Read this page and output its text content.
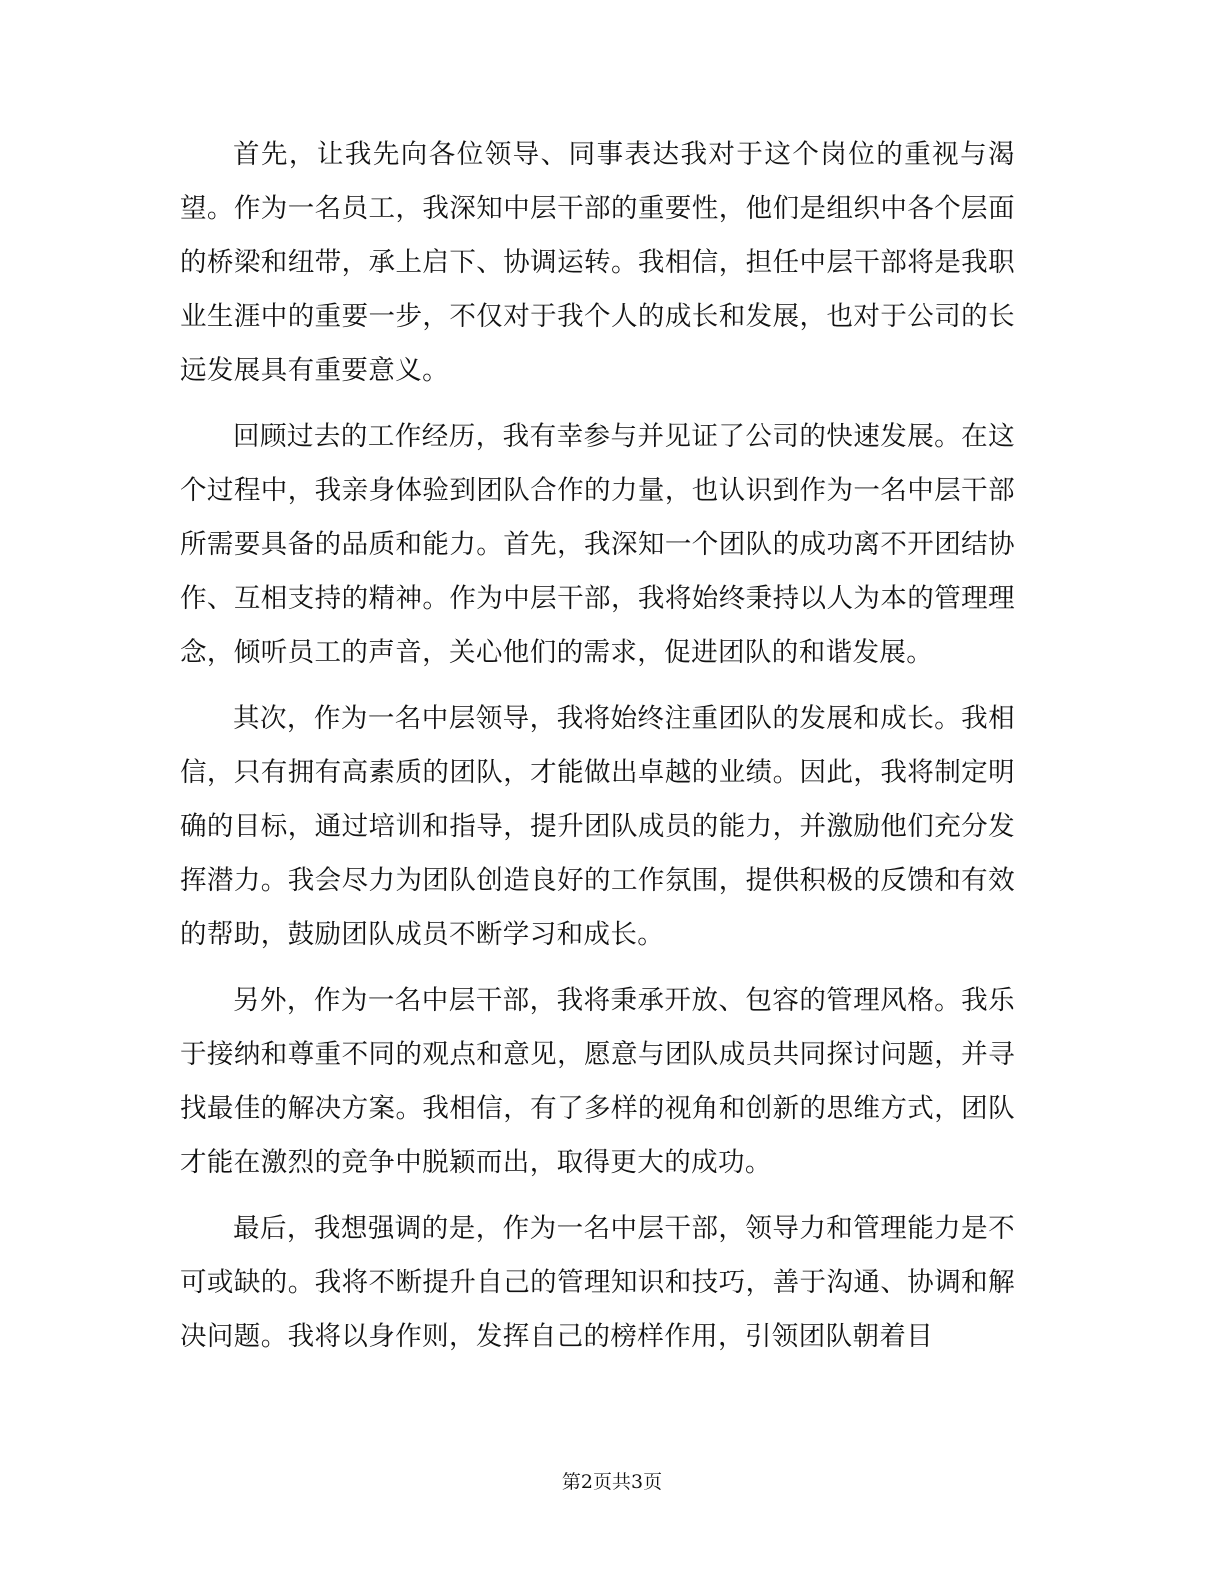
首先，让我先向各位领导、同事表达我对于这个岗位的重视与渴望。作为一名员工，我深知中层干部的重要性，他们是组织中各个层面的桥梁和纽带，承上启下、协调运转。我相信，担任中层干部将是我职业生涯中的重要一步，不仅对于我个人的成长和发展，也对于公司的长远发展具有重要意义。

回顾过去的工作经历，我有幸参与并见证了公司的快速发展。在这个过程中，我亲身体验到团队合作的力量，也认识到作为一名中层干部所需要具备的品质和能力。首先，我深知一个团队的成功离不开团结协作、互相支持的精神。作为中层干部，我将始终秉持以人为本的管理理念，倾听员工的声音，关心他们的需求，促进团队的和谐发展。

其次，作为一名中层领导，我将始终注重团队的发展和成长。我相信，只有拥有高素质的团队，才能做出卓越的业绩。因此，我将制定明确的目标，通过培训和指导，提升团队成员的能力，并激励他们充分发挥潜力。我会尽力为团队创造良好的工作氛围，提供积极的反馈和有效的帮助，鼓励团队成员不断学习和成长。

另外，作为一名中层干部，我将秉承开放、包容的管理风格。我乐于接纳和尊重不同的观点和意见，愿意与团队成员共同探讨问题，并寻找最佳的解决方案。我相信，有了多样的视角和创新的思维方式，团队才能在激烈的竞争中脱颖而出，取得更大的成功。

最后，我想强调的是，作为一名中层干部，领导力和管理能力是不可或缺的。我将不断提升自己的管理知识和技巧，善于沟通、协调和解决问题。我将以身作则，发挥自己的榜样作用，引领团队朝着目

第2页共3页
